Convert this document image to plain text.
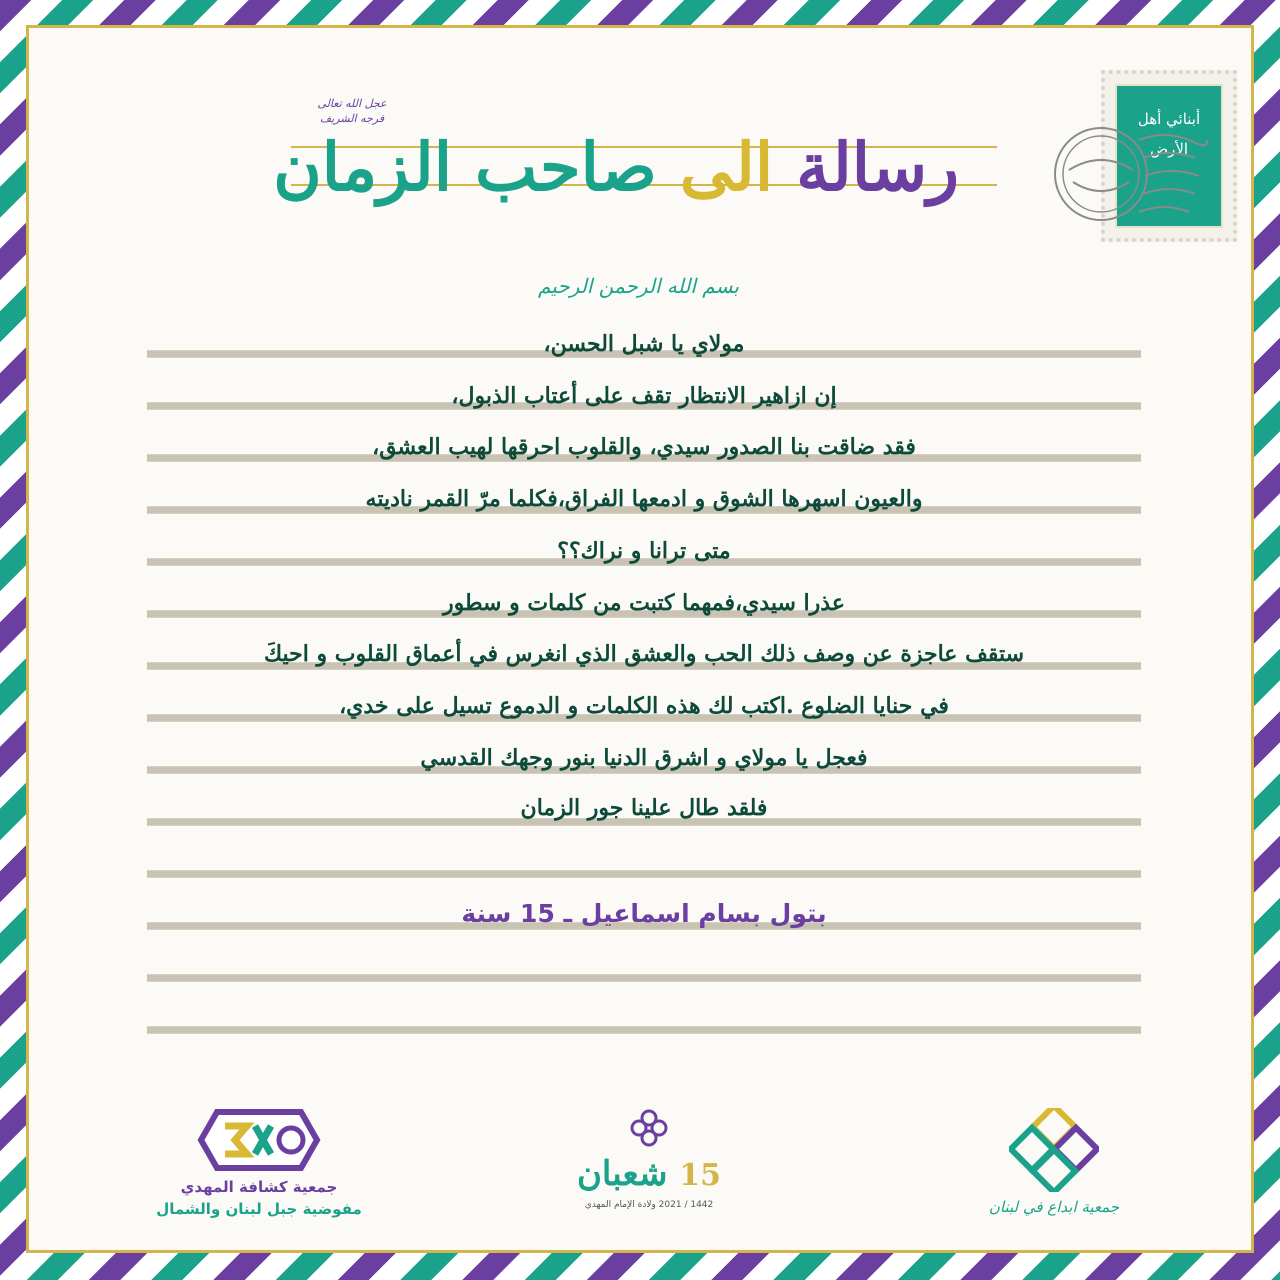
رسالة الى صاحب الزمان
عجل الله تعالى فرجه الشريف	أبنائي أهل الأرض
بسم الله الرحمن الرحيم
مولاي يا شبل الحسن،
إن ازاهير الانتظار تقف على أعتاب الذبول،
فقد ضاقت بنا الصدور سيدي، والقلوب احرقها لهيب العشق،
والعيون اسهرها الشوق و ادمعها الفراق،فكلما مرّ القمر ناديته
متى ترانا و نراك؟؟
عذرا سيدي،فمهما كتبت من كلمات و سطور
ستقف عاجزة عن وصف ذلك الحب والعشق الذي انغرس في أعماق القلوب و احيكَ
في حنايا الضلوع .اكتب لك هذه الكلمات و الدموع تسيل على خدي،
فعجل يا مولاي و اشرق الدنيا بنور وجهك القدسي
فلقد طال علينا جور الزمان
بتول بسام اسماعيل ـ 15 سنة
جمعية كشافة المهدي
مفوضية جبل لبنان والشمال
15 شعبان
1442 / 2021 ولادة الإمام المهدي	جمعية ابداع في لبنان
